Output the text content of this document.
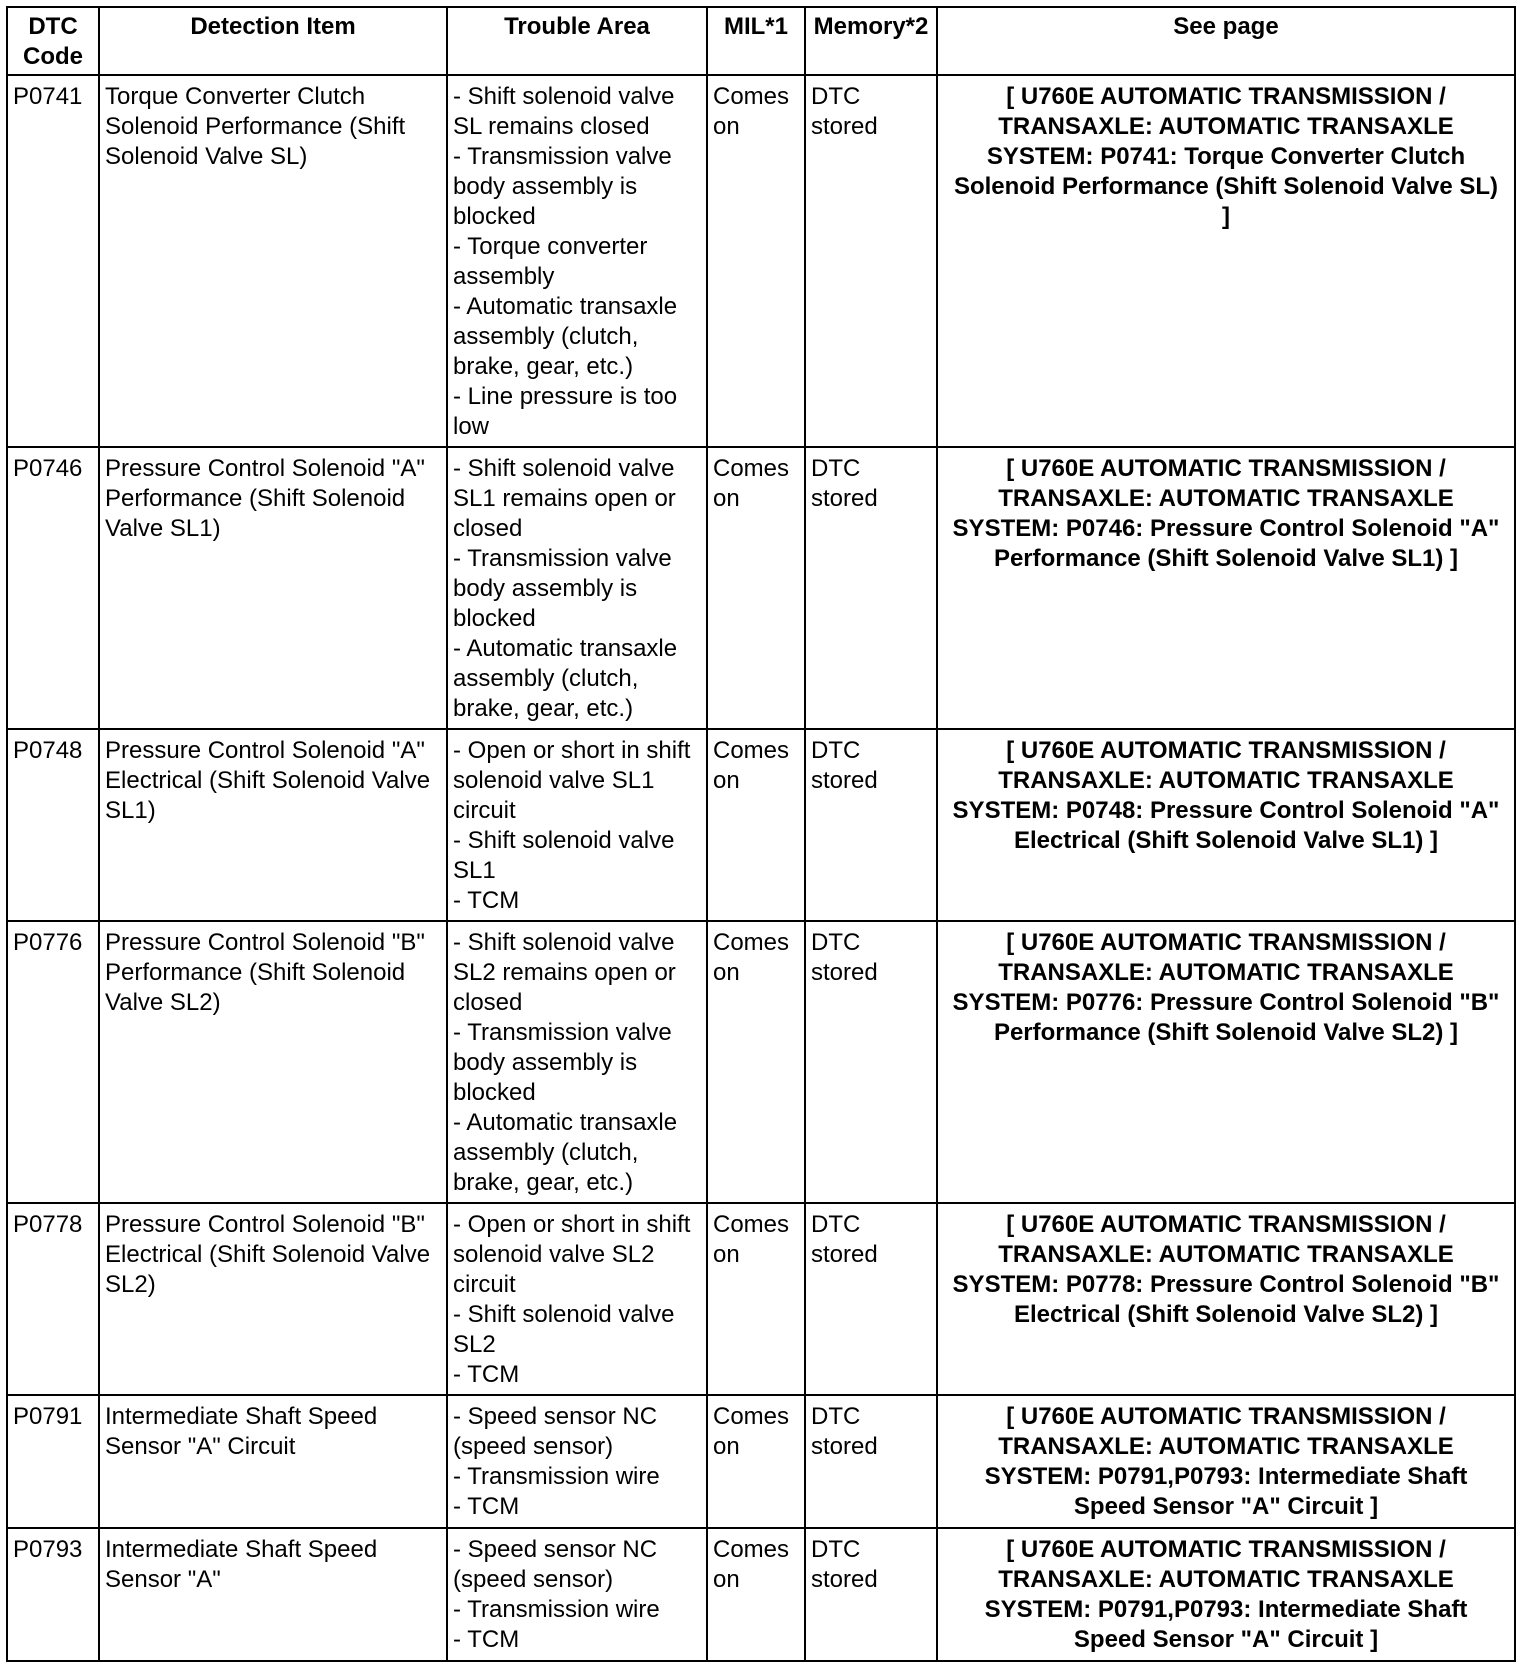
DTC
Code	Detection Item	Trouble Area	MIL*1	Memory*2	See page
P0741	Torque Converter Clutch Solenoid Performance (Shift Solenoid Valve SL)	- Shift solenoid valve SL remains closed
- Transmission valve body assembly is blocked
- Torque converter assembly
- Automatic transaxle assembly (clutch, brake, gear, etc.)
- Line pressure is too low	Comes on	DTC stored	[ U760E AUTOMATIC TRANSMISSION / TRANSAXLE: AUTOMATIC TRANSAXLE SYSTEM: P0741: Torque Converter Clutch Solenoid Performance (Shift Solenoid Valve SL) ]
P0746	Pressure Control Solenoid "A" Performance (Shift Solenoid Valve SL1)	- Shift solenoid valve SL1 remains open or closed
- Transmission valve body assembly is blocked
- Automatic transaxle assembly (clutch, brake, gear, etc.)	Comes on	DTC stored	[ U760E AUTOMATIC TRANSMISSION / TRANSAXLE: AUTOMATIC TRANSAXLE SYSTEM: P0746: Pressure Control Solenoid "A" Performance (Shift Solenoid Valve SL1) ]
P0748	Pressure Control Solenoid "A" Electrical (Shift Solenoid Valve SL1)	- Open or short in shift solenoid valve SL1 circuit
- Shift solenoid valve SL1
- TCM	Comes on	DTC stored	[ U760E AUTOMATIC TRANSMISSION / TRANSAXLE: AUTOMATIC TRANSAXLE SYSTEM: P0748: Pressure Control Solenoid "A" Electrical (Shift Solenoid Valve SL1) ]
P0776	Pressure Control Solenoid "B" Performance (Shift Solenoid Valve SL2)	- Shift solenoid valve SL2 remains open or closed
- Transmission valve body assembly is blocked
- Automatic transaxle assembly (clutch, brake, gear, etc.)	Comes on	DTC stored	[ U760E AUTOMATIC TRANSMISSION / TRANSAXLE: AUTOMATIC TRANSAXLE SYSTEM: P0776: Pressure Control Solenoid "B" Performance (Shift Solenoid Valve SL2) ]
P0778	Pressure Control Solenoid "B" Electrical (Shift Solenoid Valve SL2)	- Open or short in shift solenoid valve SL2 circuit
- Shift solenoid valve SL2
- TCM	Comes on	DTC stored	[ U760E AUTOMATIC TRANSMISSION / TRANSAXLE: AUTOMATIC TRANSAXLE SYSTEM: P0778: Pressure Control Solenoid "B" Electrical (Shift Solenoid Valve SL2) ]
P0791	Intermediate Shaft Speed Sensor "A" Circuit	- Speed sensor NC (speed sensor)
- Transmission wire
- TCM	Comes on	DTC stored	[ U760E AUTOMATIC TRANSMISSION / TRANSAXLE: AUTOMATIC TRANSAXLE SYSTEM: P0791,P0793: Intermediate Shaft Speed Sensor "A" Circuit ]
P0793	Intermediate Shaft Speed Sensor "A"	- Speed sensor NC (speed sensor)
- Transmission wire
- TCM	Comes on	DTC stored	[ U760E AUTOMATIC TRANSMISSION / TRANSAXLE: AUTOMATIC TRANSAXLE SYSTEM: P0791,P0793: Intermediate Shaft Speed Sensor "A" Circuit ]
